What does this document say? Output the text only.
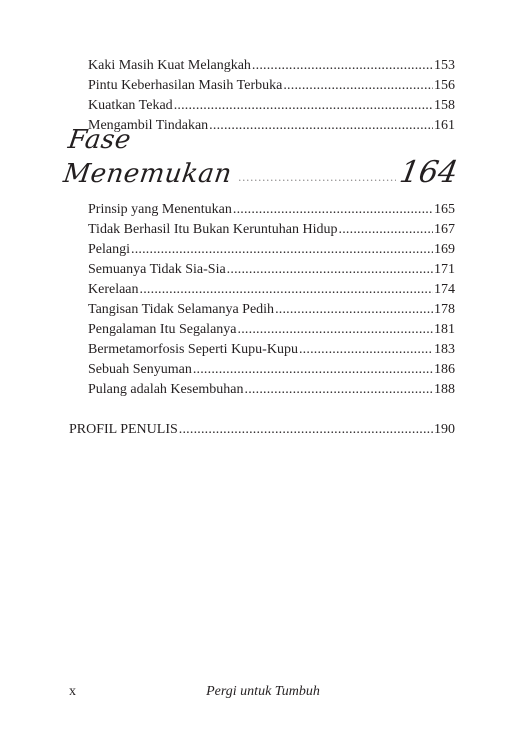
Kaki Masih Kuat Melangkah .....	153
Pintu Keberhasilan Masih Terbuka .....	156
Kuatkan Tekad .....	158
Mengambil Tindakan .....	161
Fase Menemukan .....	164
Prinsip yang Menentukan .....	165
Tidak Berhasil Itu Bukan Keruntuhan Hidup .....	167
Pelangi .....	169
Semuanya Tidak Sia-Sia .....	171
Kerelaan .....	174
Tangisan Tidak Selamanya Pedih .....	178
Pengalaman Itu Segalanya .....	181
Bermetamorfosis Seperti Kupu-Kupu .....	183
Sebuah Senyuman .....	186
Pulang adalah Kesembuhan .....	188
PROFIL PENULIS .....	190
x	Pergi untuk Tumbuh
